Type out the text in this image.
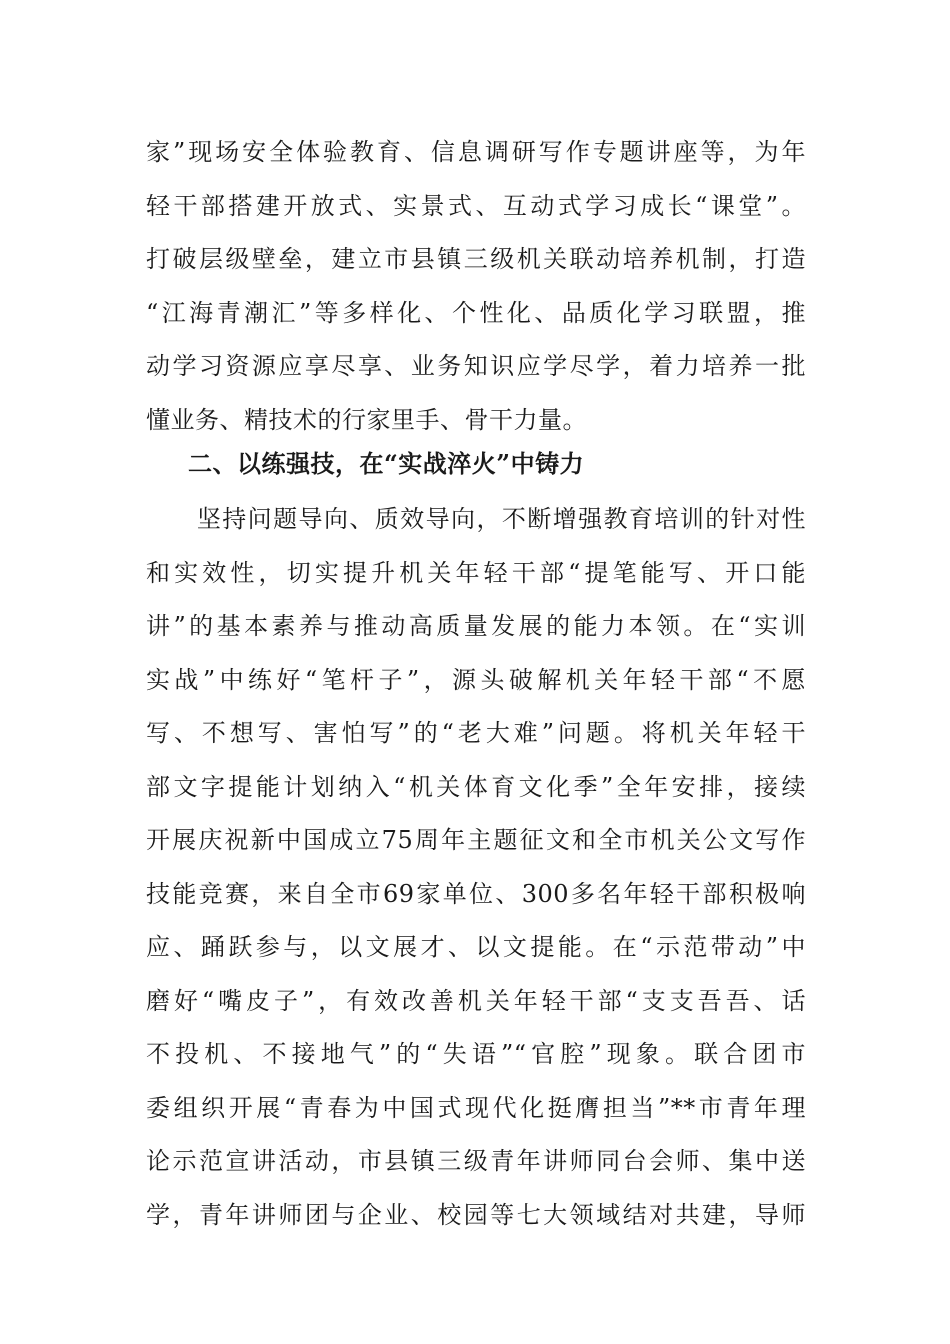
家”现场安全体验教育、信息调研写作专题讲座等，为年
轻干部搭建开放式、实景式、互动式学习成长“课堂”。
打破层级壁垒，建立市县镇三级机关联动培养机制，打造
“江海青潮汇”等多样化、个性化、品质化学习联盟，推
动学习资源应享尽享、业务知识应学尽学，着力培养一批
懂业务、精技术的行家里手、骨干力量。
二、以练强技，在“实战淬火”中铸力
　　坚持问题导向、质效导向，不断增强教育培训的针对性
和实效性，切实提升机关年轻干部“提笔能写、开口能
讲”的基本素养与推动高质量发展的能力本领。在“实训
实战”中练好“笔杆子”，源头破解机关年轻干部“不愿
写、不想写、害怕写”的“老大难”问题。将机关年轻干
部文字提能计划纳入“机关体育文化季”全年安排，接续
开展庆祝新中国成立75周年主题征文和全市机关公文写作
技能竞赛，来自全市69家单位、300多名年轻干部积极响
应、踊跃参与，以文展才、以文提能。在“示范带动”中
磨好“嘴皮子”，有效改善机关年轻干部“支支吾吾、话
不投机、不接地气”的“失语”“官腔”现象。联合团市
委组织开展“青春为中国式现代化挺膺担当”**市青年理
论示范宣讲活动，市县镇三级青年讲师同台会师、集中送
学，青年讲师团与企业、校园等七大领域结对共建，导师
